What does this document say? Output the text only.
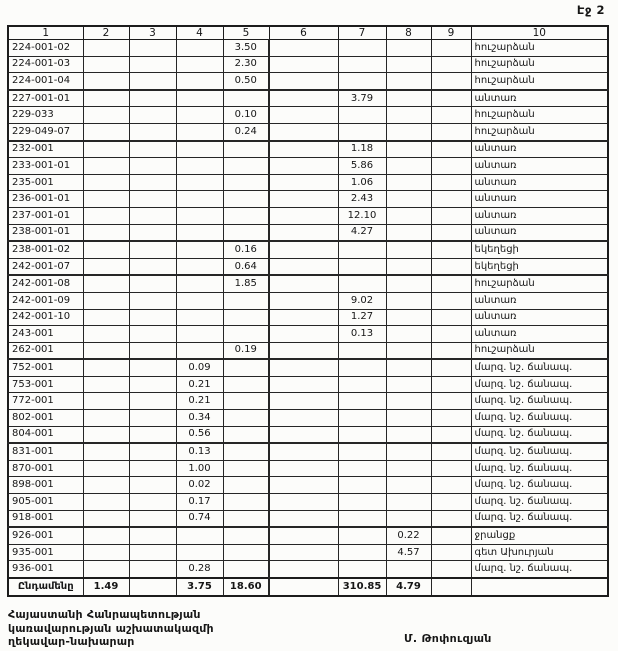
Էջ 2
1	2	3	4	5	6	7	8	9	10
224-001-02				3.50					հուշարձան
224-001-03				2.30					հուշարձան
224-001-04				0.50					հուշարձան
227-001-01						3.79			անտառ
229-033				0.10					հուշարձան
229-049-07				0.24					հուշարձան
232-001						1.18			անտառ
233-001-01						5.86			անտառ
235-001						1.06			անտառ
236-001-01						2.43			անտառ
237-001-01						12.10			անտառ
238-001-01						4.27			անտառ
238-001-02				0.16					եկեղեցի
242-001-07				0.64					եկեղեցի
242-001-08				1.85					հուշարձան
242-001-09						9.02			անտառ
242-001-10						1.27			անտառ
243-001						0.13			անտառ
262-001				0.19					հուշարձան
752-001			0.09						մարզ. նշ. ճանապ.
753-001			0.21						մարզ. նշ. ճանապ.
772-001			0.21						մարզ. նշ. ճանապ.
802-001			0.34						մարզ. նշ. ճանապ.
804-001			0.56						մարզ. նշ. ճանապ.
831-001			0.13						մարզ. նշ. ճանապ.
870-001			1.00						մարզ. նշ. ճանապ.
898-001			0.02						մարզ. նշ. ճանապ.
905-001			0.17						մարզ. նշ. ճանապ.
918-001			0.74						մարզ. նշ. ճանապ.
926-001							0.22		ջրանցք
935-001							4.57		գետ Ախուրյան
936-001			0.28						մարզ. նշ. ճանապ.
Ընդամենը	1.49		3.75	18.60		310.85	4.79		
Հայաստանի Հանրապետության
կառավարության աշխատակազմի
ղեկավար-նախարար	Մ. Թոփուզյան
